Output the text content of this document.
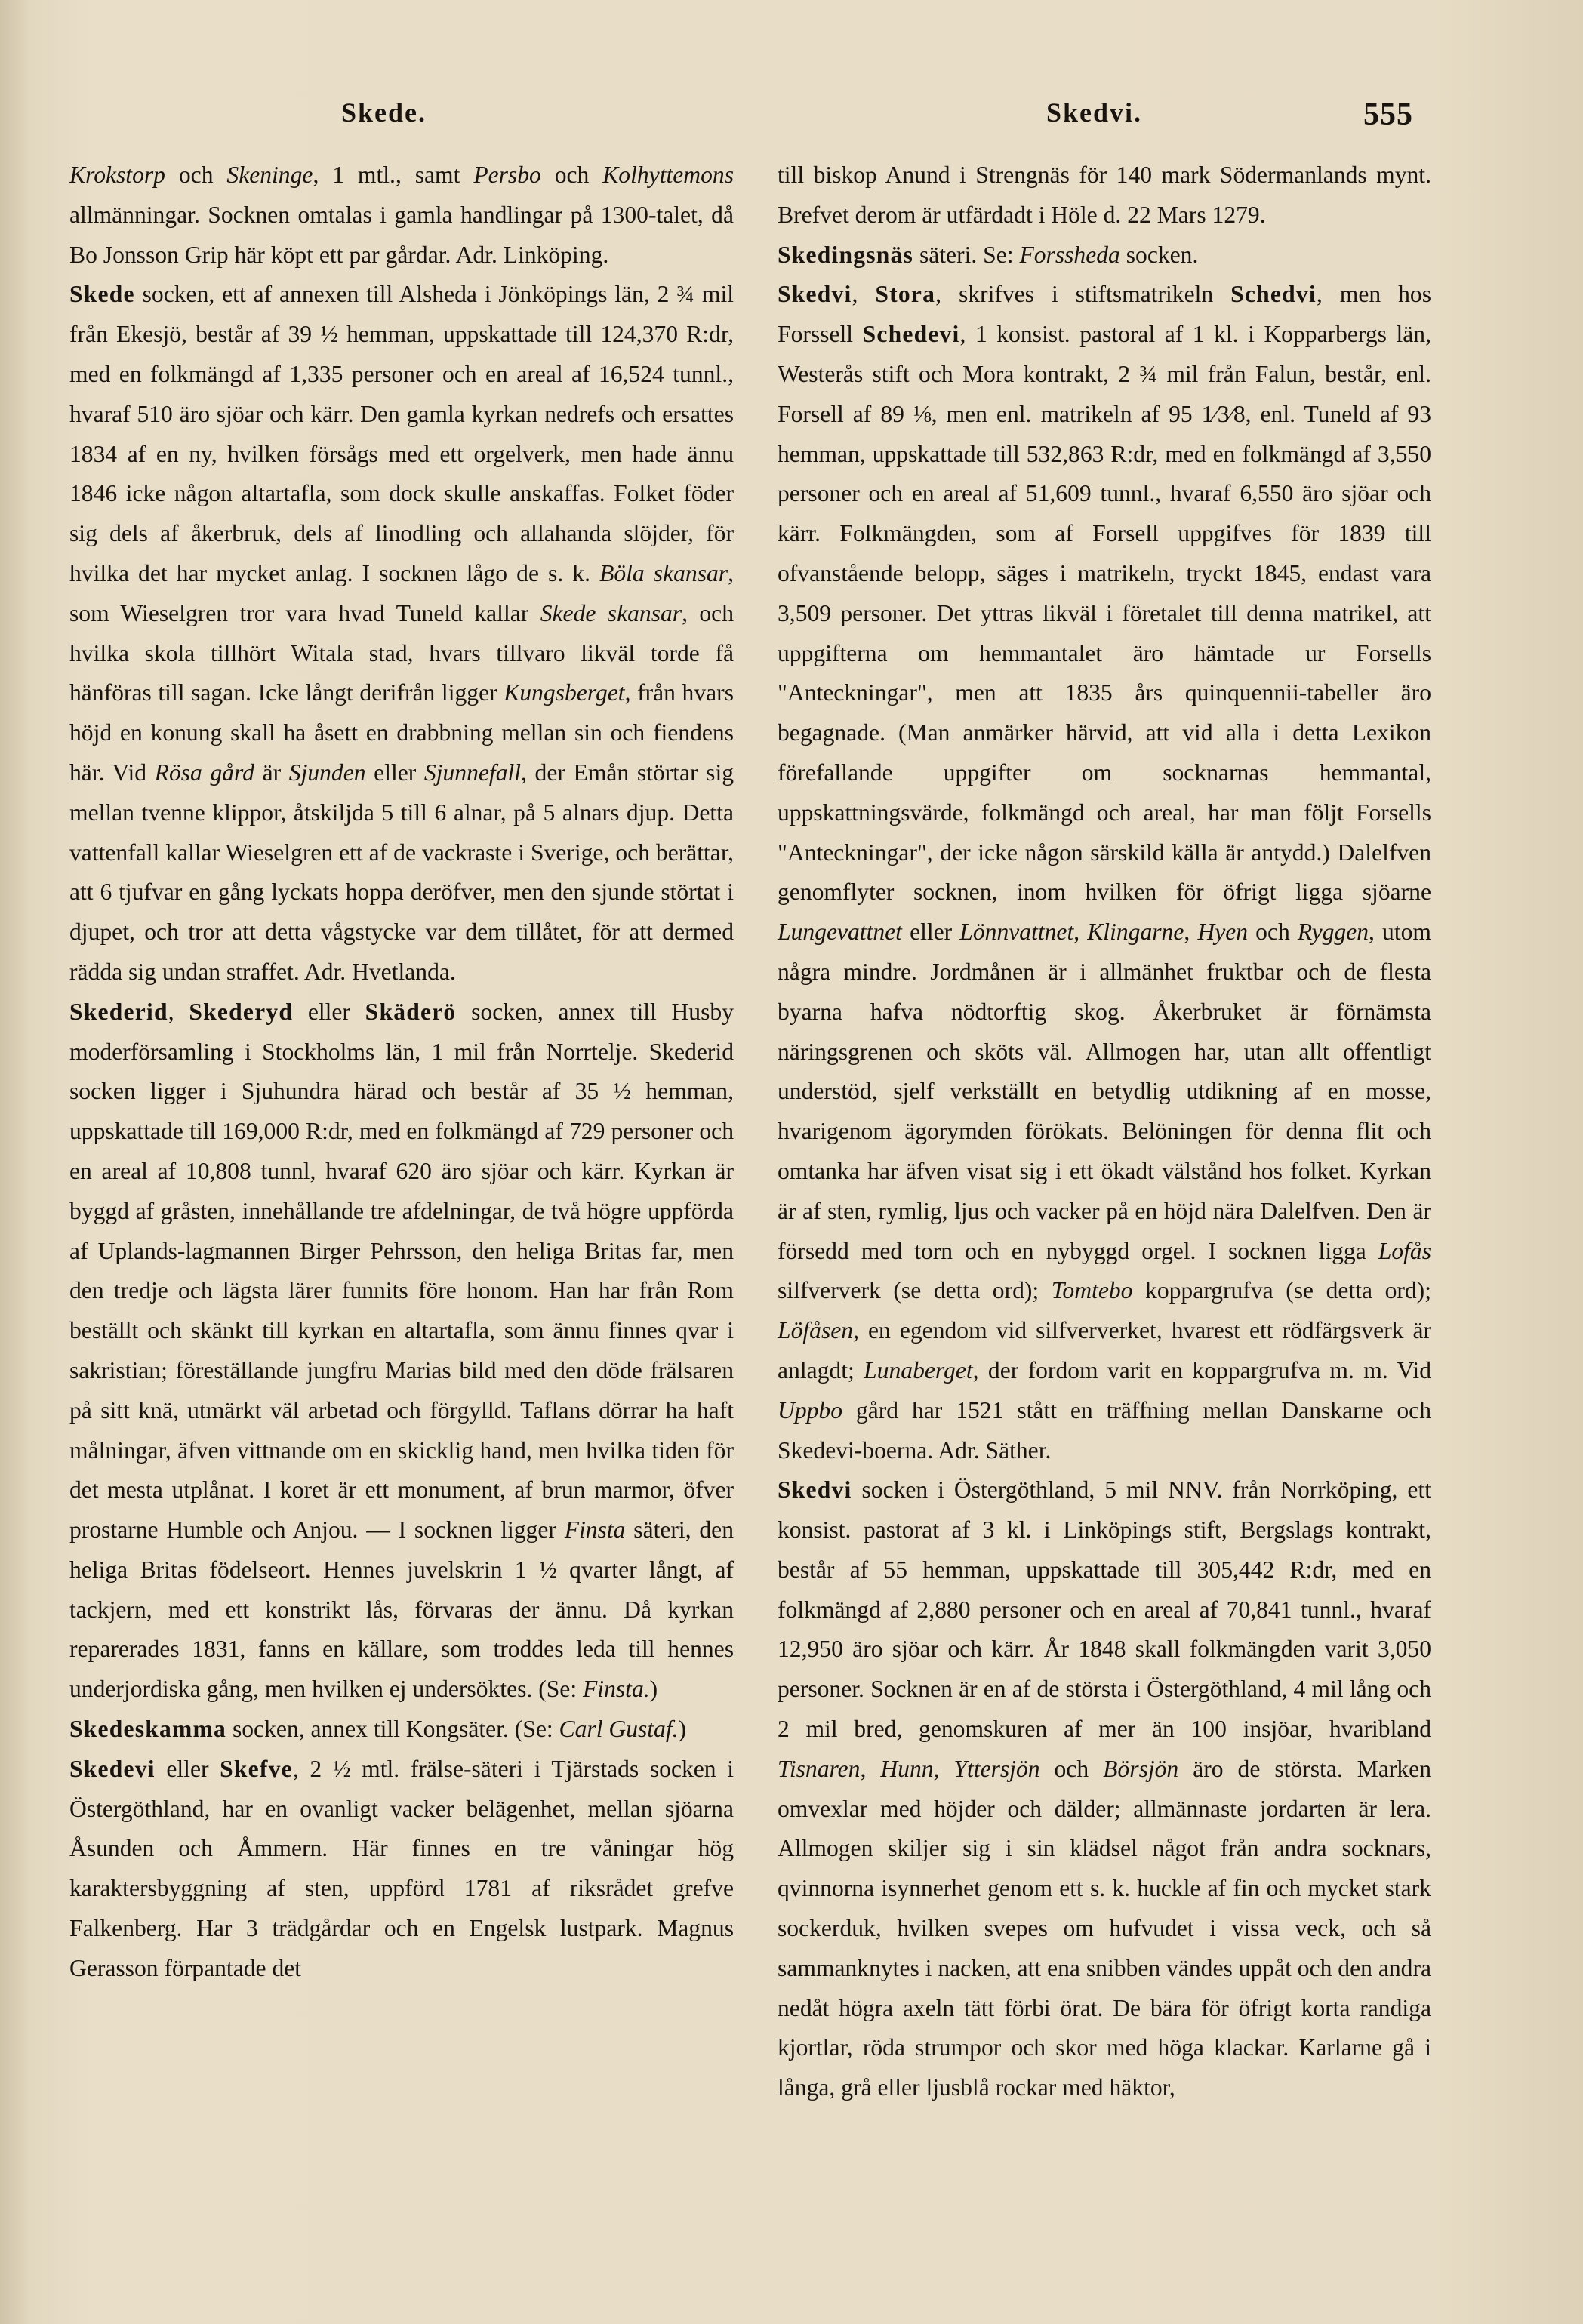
Skede.	Skedvi.	555

Krokstorp och Skeninge, 1 mtl., samt Persbo och Kolhyttemons allmänningar. Socknen omtalas i gamla handlingar på 1300-talet, då Bo Jonsson Grip här köpt ett par gårdar. Adr. Linköping.

Skede socken, ett af annexen till Alsheda i Jönköpings län, 2 ¾ mil från Ekesjö, består af 39 ½ hemman, uppskattade till 124,370 R:dr, med en folkmängd af 1,335 personer och en areal af 16,524 tunnl., hvaraf 510 äro sjöar och kärr. Den gamla kyrkan nedrefs och ersattes 1834 af en ny, hvilken försågs med ett orgelverk, men hade ännu 1846 icke någon altartafla, som dock skulle anskaffas. Folket föder sig dels af åkerbruk, dels af linodling och allahanda slöjder, för hvilka det har mycket anlag. I socknen lågo de s. k. Böla skansar, som Wieselgren tror vara hvad Tuneld kallar Skede skansar, och hvilka skola tillhört Witala stad, hvars tillvaro likväl torde få hänföras till sagan. Icke långt derifrån ligger Kungsberget, från hvars höjd en konung skall ha åsett en drabbning mellan sin och fiendens här. Vid Rösa gård är Sjunden eller Sjunnefall, der Emån störtar sig mellan tvenne klippor, åtskiljda 5 till 6 alnar, på 5 alnars djup. Detta vattenfall kallar Wieselgren ett af de vackraste i Sverige, och berättar, att 6 tjufvar en gång lyckats hoppa deröfver, men den sjunde störtat i djupet, och tror att detta vågstycke var dem tillåtet, för att dermed rädda sig undan straffet. Adr. Hvetlanda.

Skederid, Skederyd eller Skäderö socken, annex till Husby moderförsamling i Stockholms län, 1 mil från Norrtelje. Skederid socken ligger i Sjuhundra härad och består af 35 ½ hemman, uppskattade till 169,000 R:dr, med en folkmängd af 729 personer och en areal af 10,808 tunnl, hvaraf 620 äro sjöar och kärr. Kyrkan är byggd af gråsten, innehållande tre afdelningar, de två högre uppförda af Uplands-lagmannen Birger Pehrsson, den heliga Britas far, men den tredje och lägsta lärer funnits före honom. Han har från Rom beställt och skänkt till kyrkan en altartafla, som ännu finnes qvar i sakristian; föreställande jungfru Marias bild med den döde frälsaren på sitt knä, utmärkt väl arbetad och förgylld. Taflans dörrar ha haft målningar, äfven vittnande om en skicklig hand, men hvilka tiden för det mesta utplånat. I koret är ett monument, af brun marmor, öfver prostarne Humble och Anjou. — I socknen ligger Finsta säteri, den heliga Britas födelseort. Hennes juvelskrin 1 ½ qvarter långt, af tackjern, med ett konstrikt lås, förvaras der ännu. Då kyrkan reparerades 1831, fanns en källare, som troddes leda till hennes underjordiska gång, men hvilken ej undersöktes. (Se: Finsta.)

Skedeskamma socken, annex till Kongsäter. (Se: Carl Gustaf.)

Skedevi eller Skefve, 2 ½ mtl. frälse-säteri i Tjärstads socken i Östergöthland, har en ovanligt vacker belägenhet, mellan sjöarna Åsunden och Åmmern. Här finnes en tre våningar hög karaktersbyggning af sten, uppförd 1781 af riksrådet grefve Falkenberg. Har 3 trädgårdar och en Engelsk lustpark. Magnus Gerasson förpantade det

till biskop Anund i Strengnäs för 140 mark Södermanlands mynt. Brefvet derom är utfärdadt i Höle d. 22 Mars 1279.

Skedingsnäs säteri. Se: Forssheda socken.

Skedvi, Stora, skrifves i stiftsmatrikeln Schedvi, men hos Forssell Schedevi, 1 konsist. pastoral af 1 kl. i Kopparbergs län, Westerås stift och Mora kontrakt, 2 ¾ mil från Falun, består, enl. Forsell af 89 ⅛, men enl. matrikeln af 95 1⁄3⁄8, enl. Tuneld af 93 hemman, uppskattade till 532,863 R:dr, med en folkmängd af 3,550 personer och en areal af 51,609 tunnl., hvaraf 6,550 äro sjöar och kärr. Folkmängden, som af Forsell uppgifves för 1839 till ofvanstående belopp, säges i matrikeln, tryckt 1845, endast vara 3,509 personer. Det yttras likväl i företalet till denna matrikel, att uppgifterna om hemmantalet äro hämtade ur Forsells "Anteckningar", men att 1835 års quinquennii-tabeller äro begagnade. (Man anmärker härvid, att vid alla i detta Lexikon förefallande uppgifter om socknarnas hemmantal, uppskattningsvärde, folkmängd och areal, har man följt Forsells "Anteckningar", der icke någon särskild källa är antydd.) Dalelfven genomflyter socknen, inom hvilken för öfrigt ligga sjöarne Lungevattnet eller Lönnvattnet, Klingarne, Hyen och Ryggen, utom några mindre. Jordmånen är i allmänhet fruktbar och de flesta byarna hafva nödtorftig skog. Åkerbruket är förnämsta näringsgrenen och sköts väl. Allmogen har, utan allt offentligt understöd, sjelf verkställt en betydlig utdikning af en mosse, hvarigenom ägorymden förökats. Belöningen för denna flit och omtanka har äfven visat sig i ett ökadt välstånd hos folket. Kyrkan är af sten, rymlig, ljus och vacker på en höjd nära Dalelfven. Den är försedd med torn och en nybyggd orgel. I socknen ligga Lofås silfververk (se detta ord); Tomtebo koppargrufva (se detta ord); Löfåsen, en egendom vid silfververket, hvarest ett rödfärgsverk är anlagdt; Lunaberget, der fordom varit en koppargrufva m. m. Vid Uppbo gård har 1521 stått en träffning mellan Danskarne och Skedevi-boerna. Adr. Säther.

Skedvi socken i Östergöthland, 5 mil NNV. från Norrköping, ett konsist. pastorat af 3 kl. i Linköpings stift, Bergslags kontrakt, består af 55 hemman, uppskattade till 305,442 R:dr, med en folkmängd af 2,880 personer och en areal af 70,841 tunnl., hvaraf 12,950 äro sjöar och kärr. År 1848 skall folkmängden varit 3,050 personer. Socknen är en af de största i Östergöthland, 4 mil lång och 2 mil bred, genomskuren af mer än 100 insjöar, hvaribland Tisnaren, Hunn, Yttersjön och Börsjön äro de största. Marken omvexlar med höjder och dälder; allmännaste jordarten är lera. Allmogen skiljer sig i sin klädsel något från andra socknars, qvinnorna isynnerhet genom ett s. k. huckle af fin och mycket stark sockerduk, hvilken svepes om hufvudet i vissa veck, och så sammanknytes i nacken, att ena snibben vändes uppåt och den andra nedåt högra axeln tätt förbi örat. De bära för öfrigt korta randiga kjortlar, röda strumpor och skor med höga klackar. Karlarne gå i långa, grå eller ljusblå rockar med häktor,
